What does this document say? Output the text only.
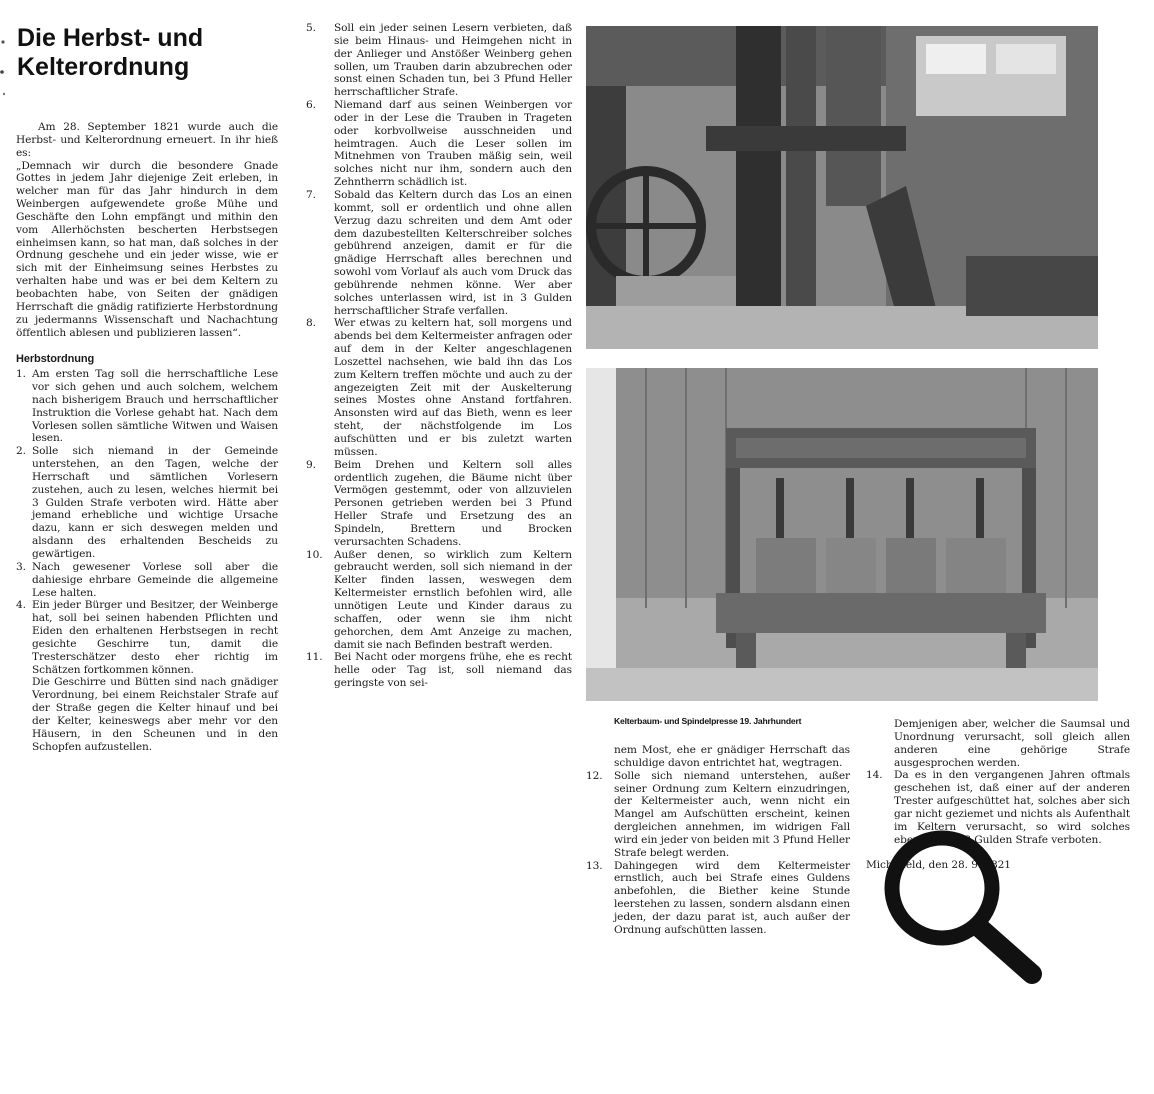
Die Herbst- und Kelterordnung

Am 28. September 1821 wurde auch die Herbst- und Kelterordnung erneuert. In ihr hieß es:

„Demnach wir durch die besondere Gnade Gottes in jedem Jahr diejenige Zeit erleben, in welcher man für das Jahr hindurch in dem Weinbergen aufgewendete große Mühe und Geschäfte den Lohn empfängt und mithin den vom Allerhöchsten bescherten Herbstsegen einheimsen kann, so hat man, daß solches in der Ordnung geschehe und ein jeder wisse, wie er sich mit der Einheimsung seines Herbstes zu verhalten habe und was er bei dem Keltern zu beobachten habe, von Seiten der gnädigen Herrschaft die gnädig ratifizierte Herbstordnung zu jedermanns Wissenschaft und Nachachtung öffentlich ablesen und publizieren lassen“.

Herbstordnung

1. Am ersten Tag soll die herrschaftliche Lese vor sich gehen und auch solchem, welchem nach bisherigem Brauch und herrschaftlicher Instruktion die Vorlese gehabt hat. Nach dem Vorlesen sollen sämtliche Witwen und Waisen lesen.
2. Solle sich niemand in der Gemeinde unterstehen, an den Tagen, welche der Herrschaft und sämtlichen Vorlesern zustehen, auch zu lesen, welches hiermit bei 3 Gulden Strafe verboten wird. Hätte aber jemand erhebliche und wichtige Ursache dazu, kann er sich deswegen melden und alsdann des erhaltenden Bescheids zu gewärtigen.
3. Nach gewesener Vorlese soll aber die dahiesige ehrbare Gemeinde die allgemeine Lese halten.
4. Ein jeder Bürger und Besitzer, der Weinberge hat, soll bei seinen habenden Pflichten und Eiden den erhaltenen Herbstsegen in recht gesichte Geschirre tun, damit die Tresterschätzer desto eher richtig im Schätzen fortkommen können.

Die Geschirre und Bütten sind nach gnädiger Verordnung, bei einem Reichstaler Strafe auf der Straße gegen die Kelter hinauf und bei der Kelter, keineswegs aber mehr vor den Häusern, in den Scheunen und in den Schopfen aufzustellen.

5. Soll ein jeder seinen Lesern verbieten, daß sie beim Hinaus- und Heimgehen nicht in der Anlieger und Anstößer Weinberg gehen sollen, um Trauben darin abzubrechen oder sonst einen Schaden tun, bei 3 Pfund Heller herrschaftlicher Strafe.
6. Niemand darf aus seinen Weinbergen vor oder in der Lese die Trauben in Trageten oder korbvollweise ausschneiden und heimtragen. Auch die Leser sollen im Mitnehmen von Trauben mäßig sein, weil solches nicht nur ihm, sondern auch den Zehntherrn schädlich ist.
7. Sobald das Keltern durch das Los an einen kommt, soll er ordentlich und ohne allen Verzug dazu schreiten und dem Amt oder dem dazubestellten Kelterschreiber solches gebührend anzeigen, damit er für die gnädige Herrschaft alles berechnen und sowohl vom Vorlauf als auch vom Druck das gebührende nehmen könne. Wer aber solches unterlassen wird, ist in 3 Gulden herrschaftlicher Strafe verfallen.
8. Wer etwas zu keltern hat, soll morgens und abends bei dem Keltermeister anfragen oder auf dem in der Kelter angeschlagenen Loszettel nachsehen, wie bald ihn das Los zum Keltern treffen möchte und auch zu der angezeigten Zeit mit der Auskelterung seines Mostes ohne Anstand fortfahren. Ansonsten wird auf das Bieth, wenn es leer steht, der nächstfolgende im Los aufschütten und er bis zuletzt warten müssen.
9. Beim Drehen und Keltern soll alles ordentlich zugehen, die Bäume nicht über Vermögen gestemmt, oder von allzuvielen Personen getrieben werden bei 3 Pfund Heller Strafe und Ersetzung des an Spindeln, Brettern und Brocken verursachten Schadens.
10. Außer denen, so wirklich zum Keltern gebraucht werden, soll sich niemand in der Kelter finden lassen, weswegen dem Keltermeister ernstlich befohlen wird, alle unnötigen Leute und Kinder daraus zu schaffen, oder wenn sie ihm nicht gehorchen, dem Amt Anzeige zu machen, damit sie nach Befinden bestraft werden.
11. Bei Nacht oder morgens frühe, ehe es recht helle oder Tag ist, soll niemand das geringste von sei-

Kelterbaum- und Spindelpresse 19. Jahrhundert

nem Most, ehe er gnädiger Herrschaft das schuldige davon entrichtet hat, wegtragen.

12. Solle sich niemand unterstehen, außer seiner Ordnung zum Keltern einzudringen, der Keltermeister auch, wenn nicht ein Mangel am Aufschütten erscheint, keinen dergleichen annehmen, im widrigen Fall wird ein jeder von beiden mit 3 Pfund Heller Strafe belegt werden.
13. Dahingegen wird dem Keltermeister ernstlich, auch bei Strafe eines Guldens anbefohlen, die Biether keine Stunde leerstehen zu lassen, sondern alsdann einen jeden, der dazu parat ist, auch außer der Ordnung aufschütten lassen.

Demjenigen aber, welcher die Saumsal und Unordnung verursacht, soll gleich allen anderen eine gehörige Strafe ausgesprochen werden.

14. Da es in den vergangenen Jahren oftmals geschehen ist, daß einer auf der anderen Trester aufgeschüttet hat, solches aber sich gar nicht geziemet und nichts als Aufenthalt im Keltern verursacht, so wird solches ebenfalls bei 3 Gulden Strafe verboten.

Michelfeld, den 28. 9. 1821
